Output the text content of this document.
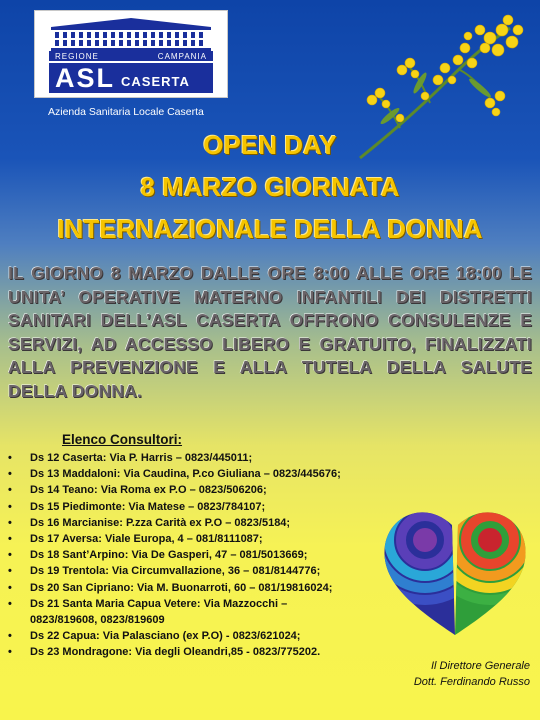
REGIONE	CAMPANIA
ASL CASERTA
Azienda Sanitaria Locale Caserta
OPEN DAY
8 MARZO GIORNATA
INTERNAZIONALE DELLA DONNA
IL GIORNO 8 MARZO DALLE ORE 8:00 ALLE ORE 18:00 LE UNITA’ OPERATIVE MATERNO INFANTILI DEI DISTRETTI SANITARI DELL’ASL CASERTA OFFRONO CONSULENZE E SERVIZI, AD ACCESSO LIBERO E GRATUITO, FINALIZZATI ALLA PREVENZIONE E ALLA TUTELA DELLA SALUTE DELLA DONNA.
Elenco Consultori:
• Ds 12 Caserta: Via P. Harris – 0823/445011;
• Ds 13 Maddaloni: Via Caudina, P.co Giuliana – 0823/445676;
• Ds 14 Teano: Via Roma ex P.O – 0823/506206;
• Ds 15 Piedimonte: Via Matese – 0823/784107;
• Ds 16 Marcianise: P.zza Carità ex P.O – 0823/5184;
• Ds 17 Aversa: Viale Europa, 4 – 081/8111087;
• Ds 18 Sant’Arpino: Via De Gasperi, 47 – 081/5013669;
• Ds 19 Trentola: Via Circumvallazione, 36 – 081/8144776;
• Ds 20 San Cipriano: Via M. Buonarroti, 60 – 081/19816024;
• Ds 21 Santa Maria Capua Vetere: Via Mazzocchi – 0823/819608, 0823/819609
• Ds 22 Capua: Via Palasciano (ex P.O) - 0823/621024;
• Ds 23 Mondragone: Via degli Oleandri,85 - 0823/775202.
Il Direttore Generale
Dott. Ferdinando Russo
